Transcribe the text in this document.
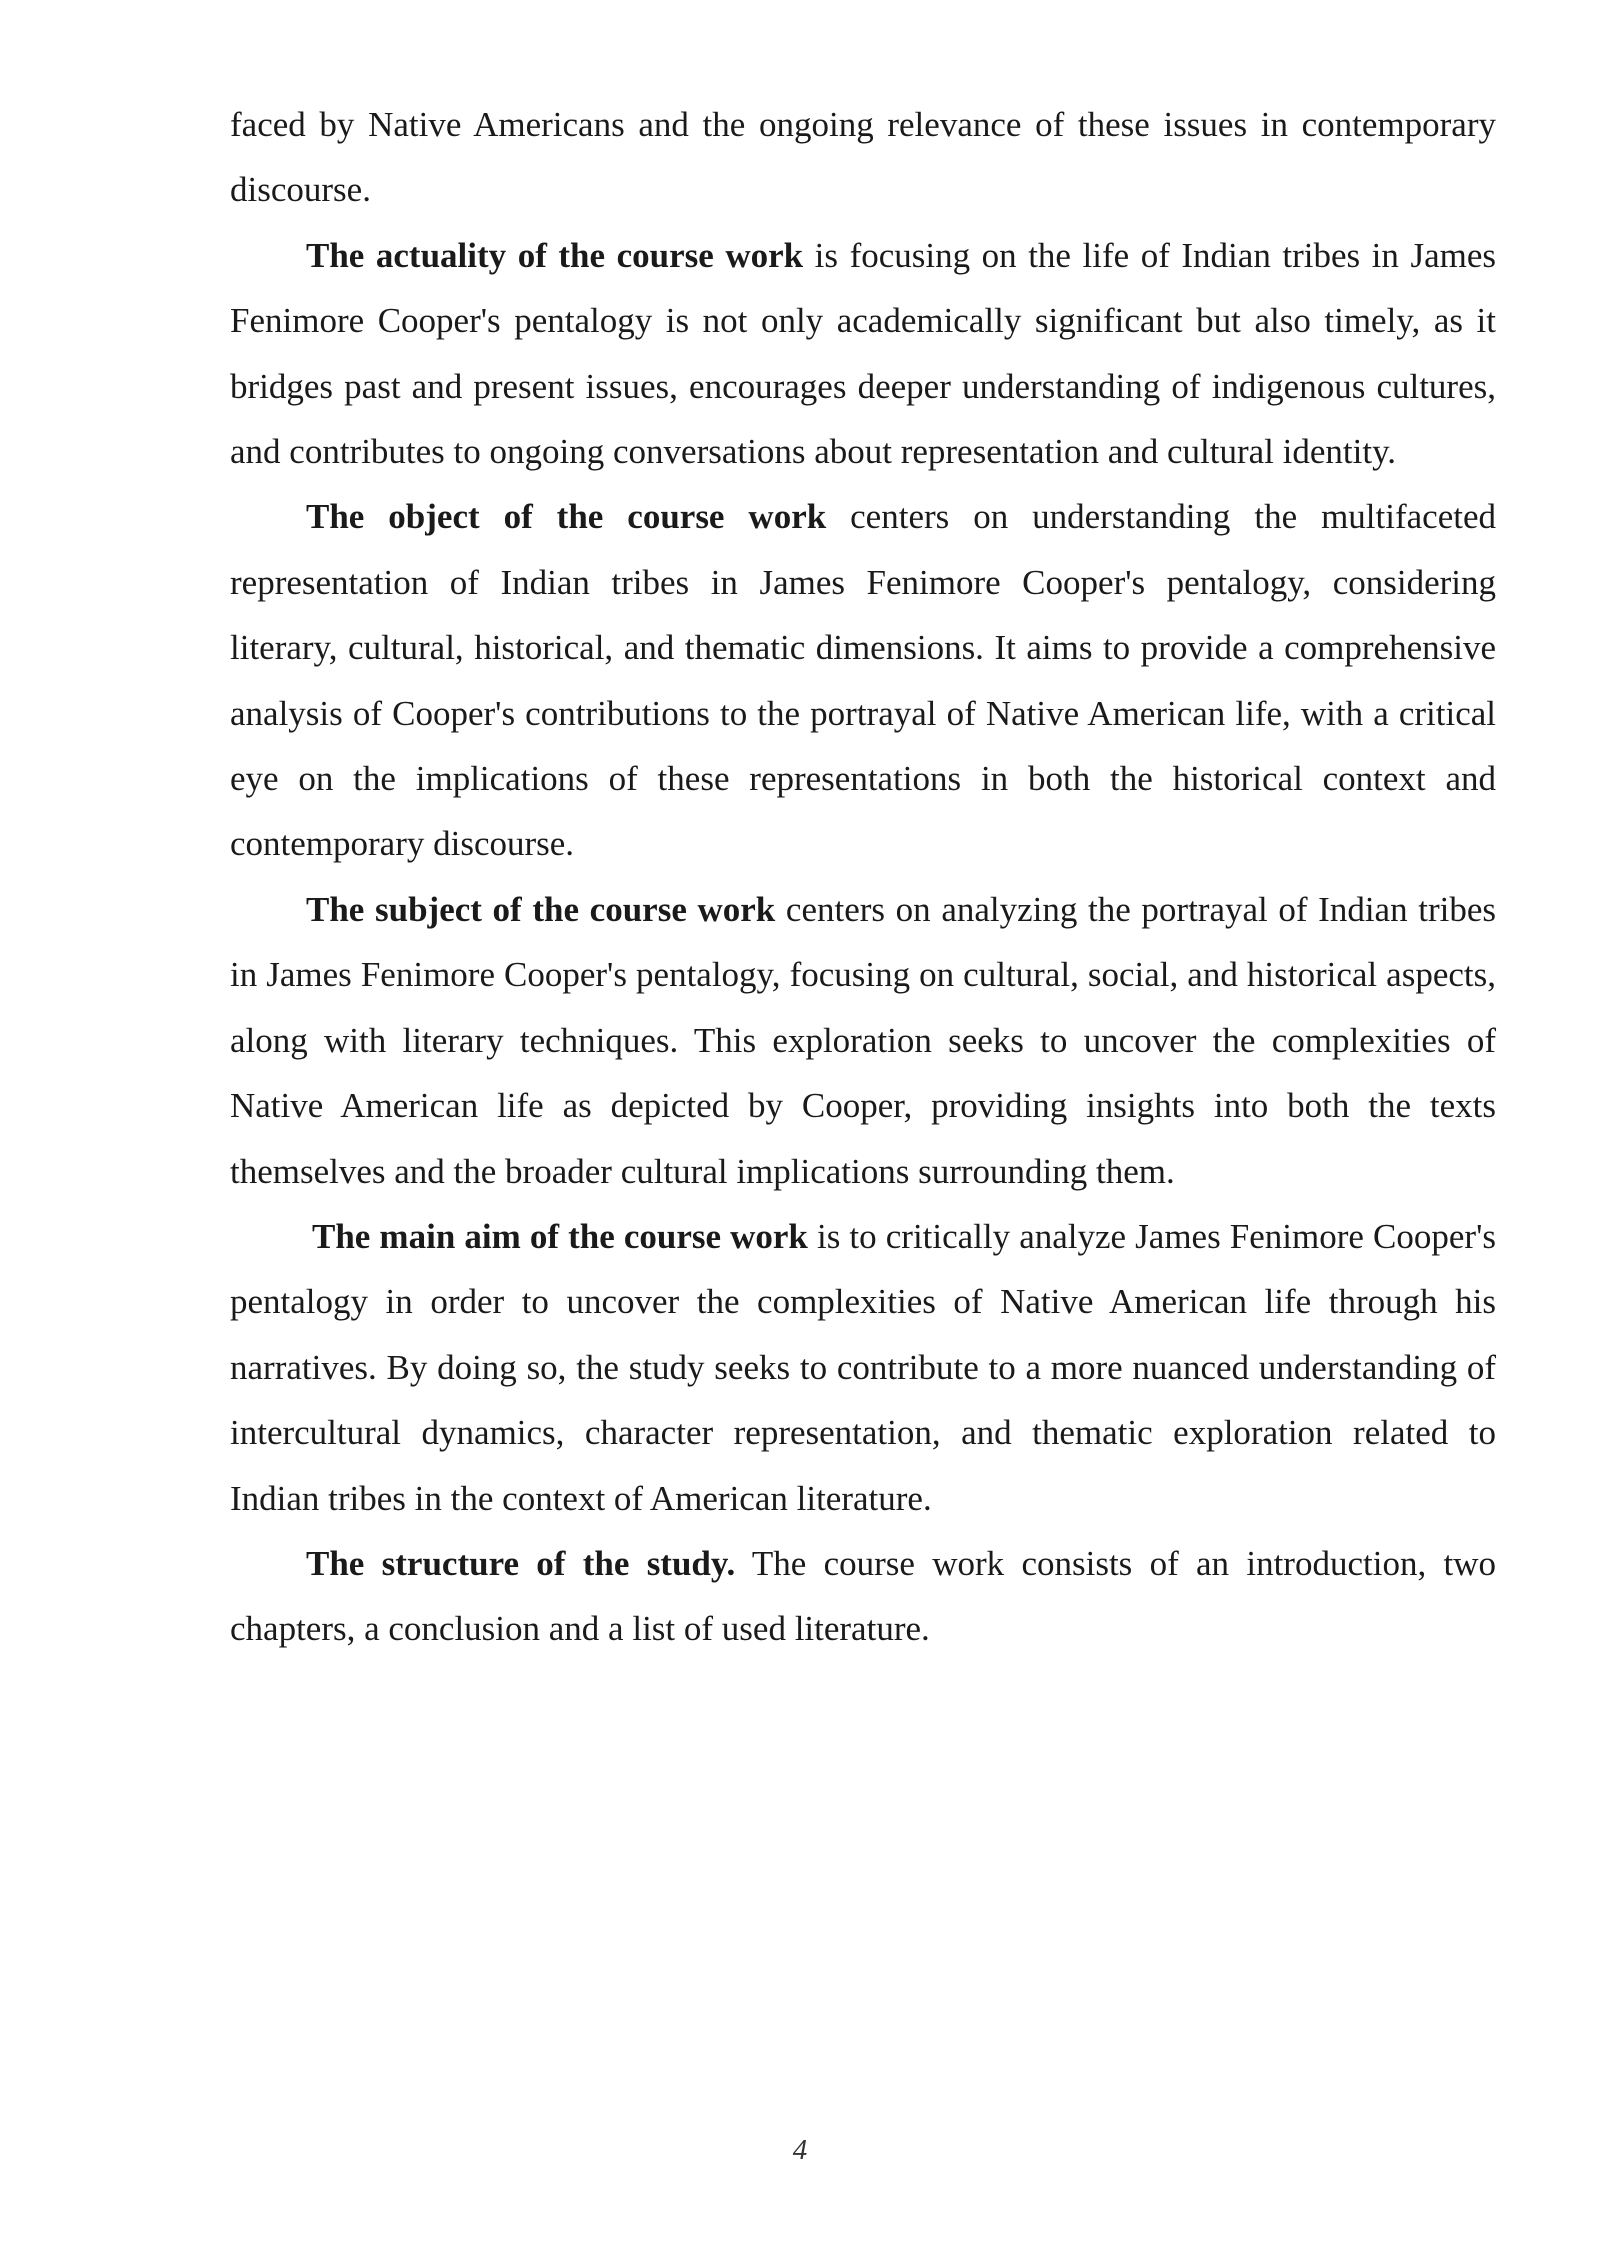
faced by Native Americans and the ongoing relevance of these issues in contemporary discourse.

The actuality of the course work is focusing on the life of Indian tribes in James Fenimore Cooper's pentalogy is not only academically significant but also timely, as it bridges past and present issues, encourages deeper understanding of indigenous cultures, and contributes to ongoing conversations about representation and cultural identity.

The object of the course work centers on understanding the multifaceted representation of Indian tribes in James Fenimore Cooper's pentalogy, considering literary, cultural, historical, and thematic dimensions. It aims to provide a comprehensive analysis of Cooper's contributions to the portrayal of Native American life, with a critical eye on the implications of these representations in both the historical context and contemporary discourse.

The subject of the course work centers on analyzing the portrayal of Indian tribes in James Fenimore Cooper's pentalogy, focusing on cultural, social, and historical aspects, along with literary techniques. This exploration seeks to uncover the complexities of Native American life as depicted by Cooper, providing insights into both the texts themselves and the broader cultural implications surrounding them.

The main aim of the course work is to critically analyze James Fenimore Cooper's pentalogy in order to uncover the complexities of Native American life through his narratives. By doing so, the study seeks to contribute to a more nuanced understanding of intercultural dynamics, character representation, and thematic exploration related to Indian tribes in the context of American literature.

The structure of the study. The course work consists of an introduction, two chapters, a conclusion and a list of used literature.

4
